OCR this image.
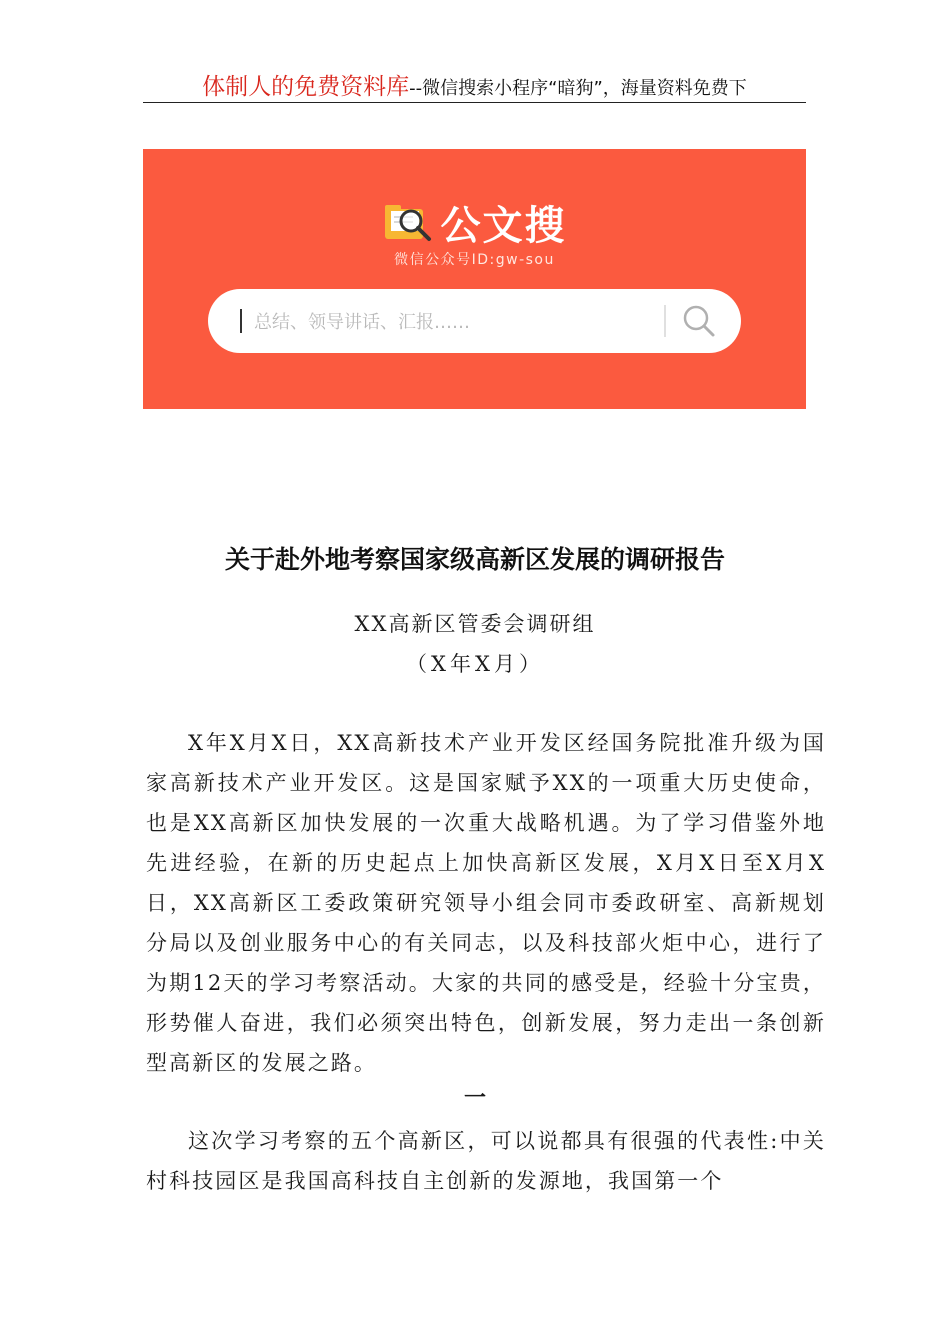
体制人的免费资料库--微信搜索小程序“暗狗”，海量资料免费下
公文搜
微信公众号ID:gw-sou
总结、领导讲话、汇报……
关于赴外地考察国家级高新区发展的调研报告
XX高新区管委会调研组
（X年X月）

X年X月X日，XX高新技术产业开发区经国务院批准升级为国家高新技术产业开发区。这是国家赋予XX的一项重大历史使命，也是XX高新区加快发展的一次重大战略机遇。为了学习借鉴外地先进经验，在新的历史起点上加快高新区发展，X月X日至X月X日，XX高新区工委政策研究领导小组会同市委政研室、高新规划分局以及创业服务中心的有关同志，以及科技部火炬中心，进行了为期12天的学习考察活动。大家的共同的感受是，经验十分宝贵，形势催人奋进，我们必须突出特色，创新发展，努力走出一条创新型高新区的发展之路。

一

这次学习考察的五个高新区，可以说都具有很强的代表性:中关村科技园区是我国高科技自主创新的发源地，我国第一个
